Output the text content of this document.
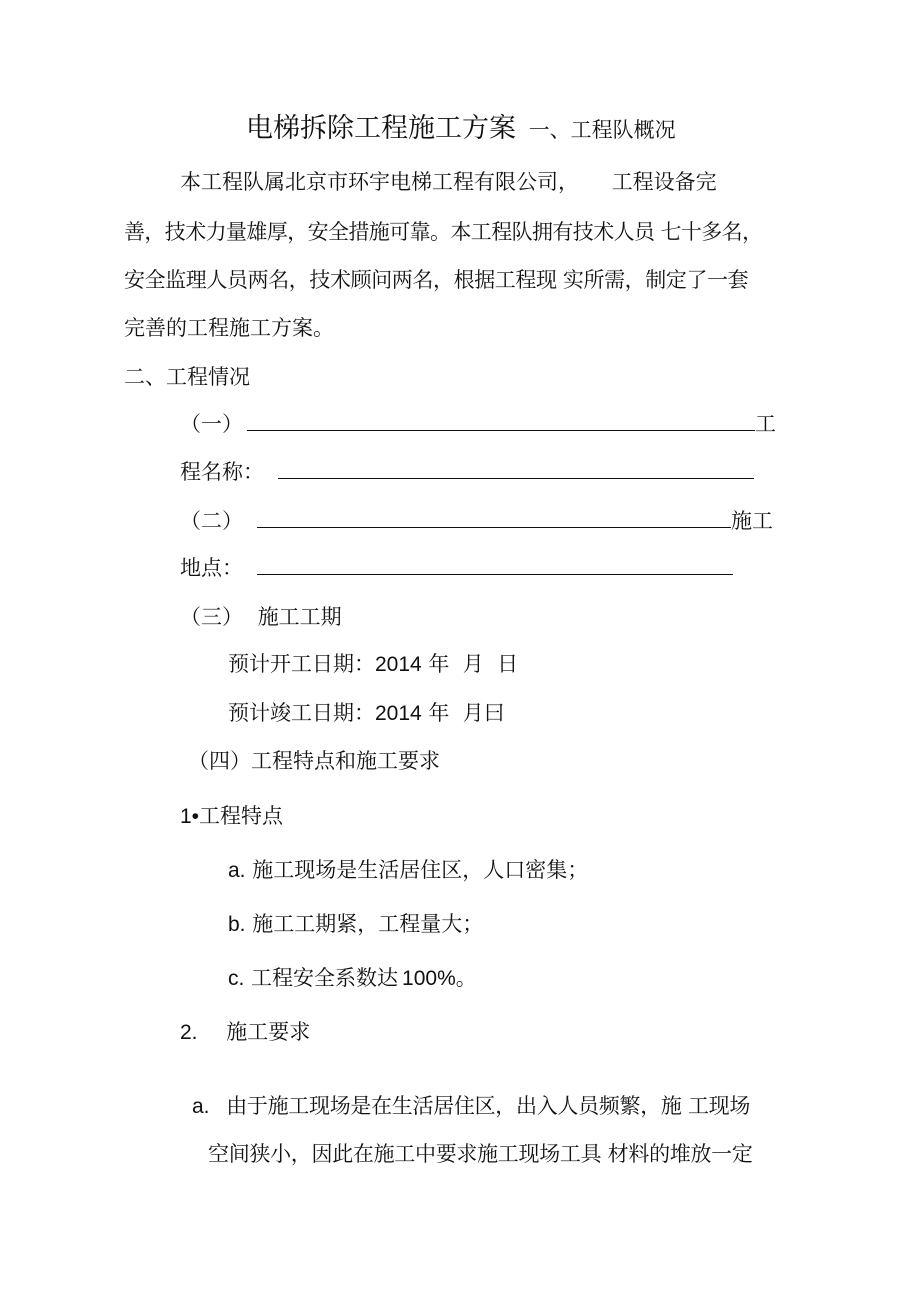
电梯拆除工程施工方案 一、工程队概况
本工程队属北京市环宇电梯工程有限公司， 工程设备完
善，技术力量雄厚，安全措施可靠。本工程队拥有技术人员 七十多名，
安全监理人员两名，技术顾问两名，根据工程现 实所需，制定了一套
完善的工程施工方案。
二、工程情况
（一）	工
程名称：
（二）	施工
地点：
（三） 施工工期
预计开工日期：2014 年  月  日
预计竣工日期：2014 年  月曰
（四）工程特点和施工要求
1•工程特点
a. 施工现场是生活居住区，人口密集；
b. 施工工期紧，工程量大；
c. 工程安全系数达 100%。
2. 施工要求
a. 由于施工现场是在生活居住区，出入人员频繁，施 工现场
空间狭小，因此在施工中要求施工现场工具 材料的堆放一定
